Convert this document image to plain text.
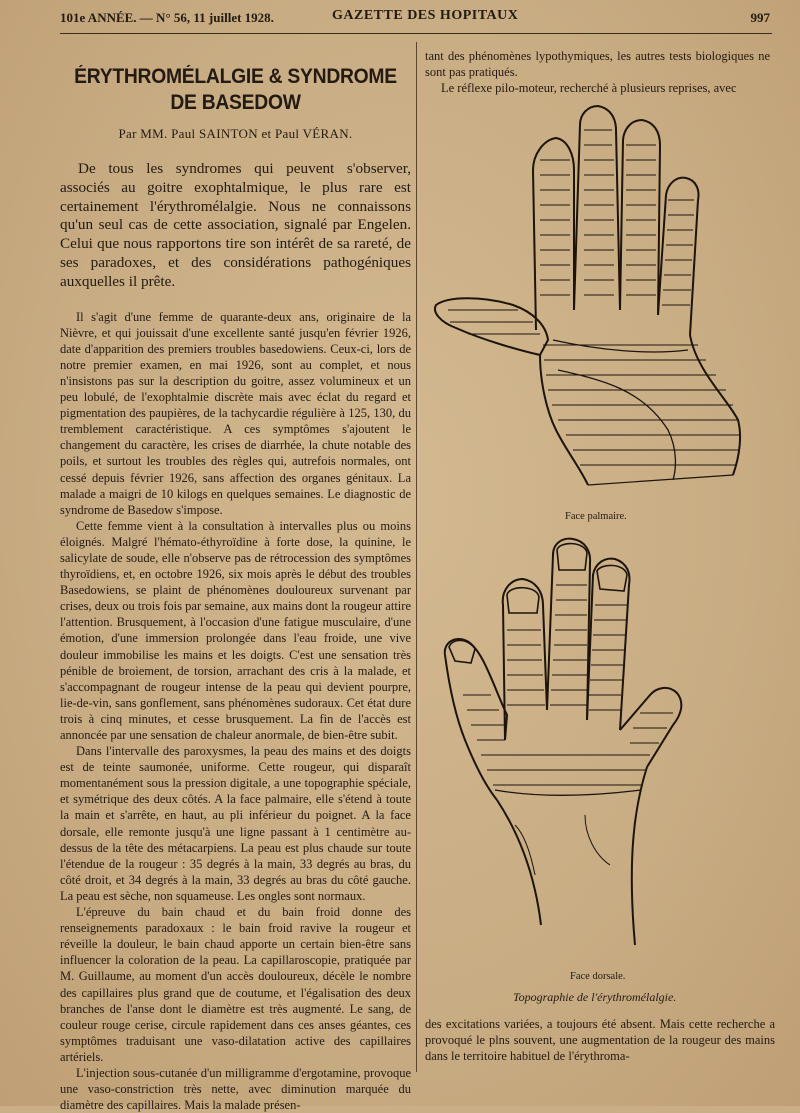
101e ANNÉE. — N° 56, 11 juillet 1928.	GAZETTE DES HOPITAUX	997
ÉRYTHROMÉLALGIE & SYNDROME DE BASEDOW
Par MM. Paul SAINTON et Paul VÉRAN.

De tous les syndromes qui peuvent s'observer, associés au goitre exophtalmique, le plus rare est certainement l'érythromélalgie. Nous ne connaissons qu'un seul cas de cette association, signalé par Engelen. Celui que nous rapportons tire son intérêt de sa rareté, de ses paradoxes, et des considérations pathogéniques auxquelles il prête.

Il s'agit d'une femme de quarante-deux ans, originaire de la Nièvre, et qui jouissait d'une excellente santé jusqu'en février 1926, date d'apparition des premiers troubles basedowiens. Ceux-ci, lors de notre premier examen, en mai 1926, sont au complet, et nous n'insistons pas sur la description du goitre, assez volumineux et un peu lobulé, de l'exophtalmie discrète mais avec éclat du regard et pigmentation des paupières, de la tachycardie régulière à 125, 130, du tremblement caractéristique. A ces symptômes s'ajoutent le changement du caractère, les crises de diarrhée, la chute notable des poils, et surtout les troubles des règles qui, autrefois normales, ont cessé depuis février 1926, sans affection des organes génitaux. La malade a maigri de 10 kilogs en quelques semaines. Le diagnostic de syndrome de Basedow s'impose.

Cette femme vient à la consultation à intervalles plus ou moins éloignés. Malgré l'hémato-éthyroïdine à forte dose, la quinine, le salicylate de soude, elle n'observe pas de rétrocession des symptômes thyroïdiens, et, en octobre 1926, six mois après le début des troubles Basedowiens, se plaint de phénomènes douloureux survenant par crises, deux ou trois fois par semaine, aux mains dont la rougeur attire l'attention. Brusquement, à l'occasion d'une fatigue musculaire, d'une émotion, d'une immersion prolongée dans l'eau froide, une vive douleur immobilise les mains et les doigts. C'est une sensation très pénible de broiement, de torsion, arrachant des cris à la malade, et s'accompagnant de rougeur intense de la peau qui devient pourpre, lie-de-vin, sans gonflement, sans phénomènes sudoraux. Cet état dure trois à cinq minutes, et cesse brusquement. La fin de l'accès est annoncée par une sensation de chaleur anormale, de bien-être subit.

Dans l'intervalle des paroxysmes, la peau des mains et des doigts est de teinte saumonée, uniforme. Cette rougeur, qui disparaît momentanément sous la pression digitale, a une topographie spéciale, et symétrique des deux côtés. A la face palmaire, elle s'étend à toute la main et s'arrête, en haut, au pli inférieur du poignet. A la face dorsale, elle remonte jusqu'à une ligne passant à 1 centimètre au-dessus de la tête des métacarpiens. La peau est plus chaude sur toute l'étendue de la rougeur : 35 degrés à la main, 33 degrés au bras, du côté droit, et 34 degrés à la main, 33 degrés au bras du côté gauche. La peau est sèche, non squameuse. Les ongles sont normaux.

L'épreuve du bain chaud et du bain froid donne des renseignements paradoxaux : le bain froid ravive la rougeur et réveille la douleur, le bain chaud apporte un certain bien-être sans influencer la coloration de la peau. La capillaroscopie, pratiquée par M. Guillaume, au moment d'un accès douloureux, décèle le nombre des capillaires plus grand que de coutume, et l'égalisation des deux branches de l'anse dont le diamètre est très augmenté. Le sang, de couleur rouge cerise, circule rapidement dans ces anses géantes, ces symptômes traduisant une vaso-dilatation active des capillaires artériels.

L'injection sous-cutanée d'un milligramme d'ergotamine, provoque une vaso-constriction très nette, avec diminution marquée du diamètre des capillaires. Mais la malade présen-

tant des phénomènes lypothymiques, les autres tests biologiques ne sont pas pratiqués.

Le réflexe pilo-moteur, recherché à plusieurs reprises, avec

Face palmaire.
Face dorsale.
Topographie de l'érythromélalgie.

des excitations variées, a toujours été absent. Mais cette recherche a provoqué le plns souvent, une augmentation de la rougeur des mains dans le territoire habituel de l'érythroma-
